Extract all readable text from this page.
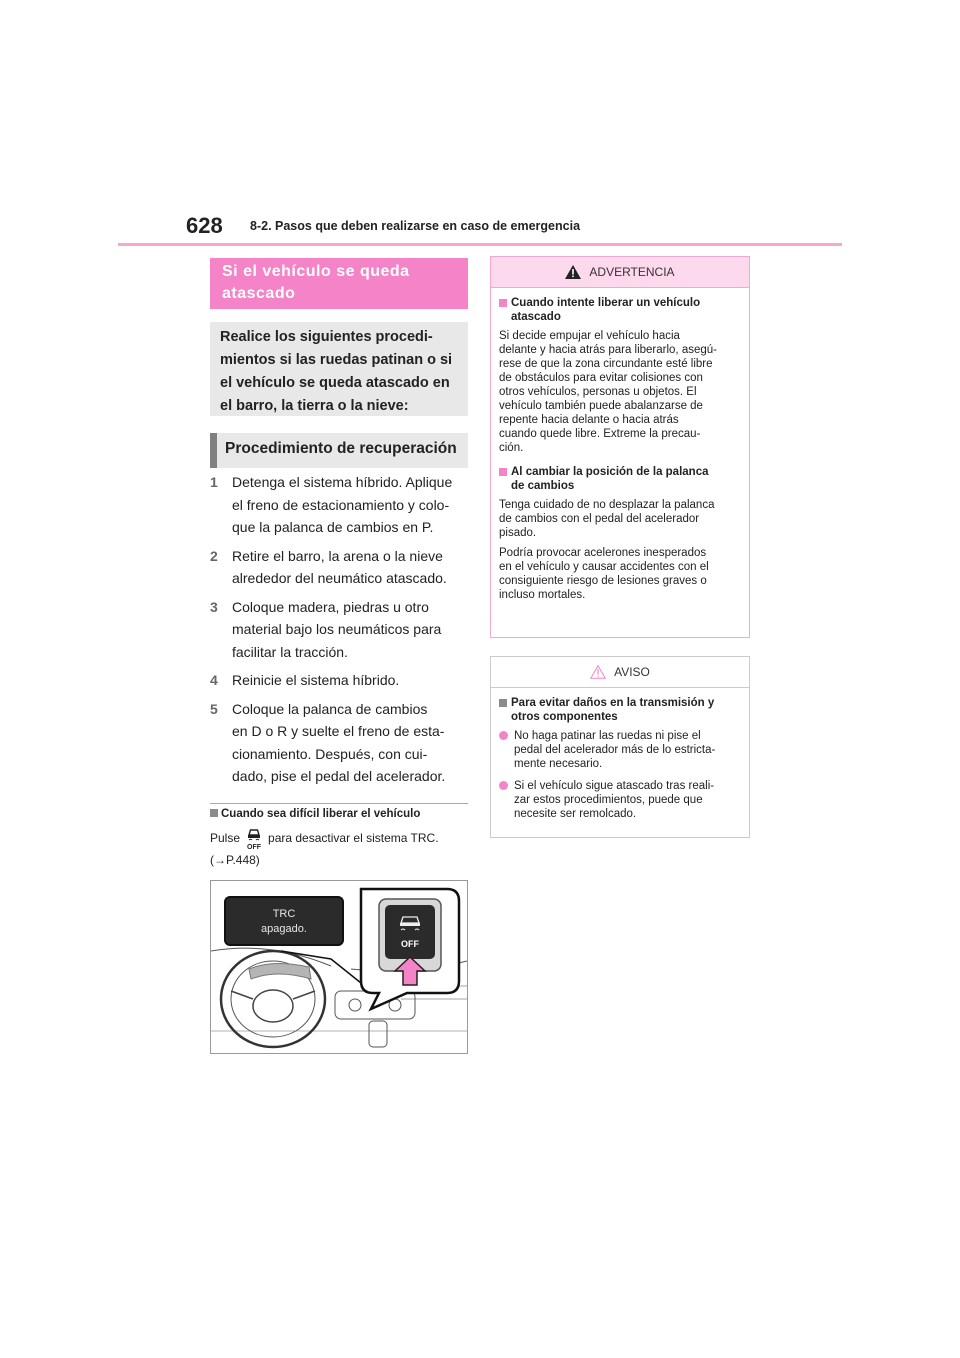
628 8-2. Pasos que deben realizarse en caso de emergencia
Si el vehículo se queda
atascado
Realice los siguientes procedi-
mientos si las ruedas patinan o si
el vehículo se queda atascado en
el barro, la tierra o la nieve:
Procedimiento de recuperación
1	Detenga el sistema híbrido. Aplique
el freno de estacionamiento y colo-
que la palanca de cambios en P.
2	Retire el barro, la arena o la nieve
alrededor del neumático atascado.
3	Coloque madera, piedras u otro
material bajo los neumáticos para
facilitar la tracción.
4	Reinicie el sistema híbrido.
5	Coloque la palanca de cambios
en D o R y suelte el freno de esta-
cionamiento. Después, con cui-
dado, pise el pedal del acelerador.
Cuando sea difícil liberar el vehículo
Pulse
OFF
para desactivar el sistema TRC.
(→P.448)
TRC
apagado.
OFF
ADVERTENCIA
Cuando intente liberar un vehículo
atascado
Si decide empujar el vehículo hacia
delante y hacia atrás para liberarlo, asegú-
rese de que la zona circundante esté libre
de obstáculos para evitar colisiones con
otros vehículos, personas u objetos. El
vehículo también puede abalanzarse de
repente hacia delante o hacia atrás
cuando quede libre. Extreme la precau-
ción.
Al cambiar la posición de la palanca
de cambios
Tenga cuidado de no desplazar la palanca
de cambios con el pedal del acelerador
pisado.
Podría provocar acelerones inesperados
en el vehículo y causar accidentes con el
consiguiente riesgo de lesiones graves o
incluso mortales.
AVISO
Para evitar daños en la transmisión y
otros componentes
No haga patinar las ruedas ni pise el
pedal del acelerador más de lo estricta-
mente necesario.
Si el vehículo sigue atascado tras reali-
zar estos procedimientos, puede que
necesite ser remolcado.
